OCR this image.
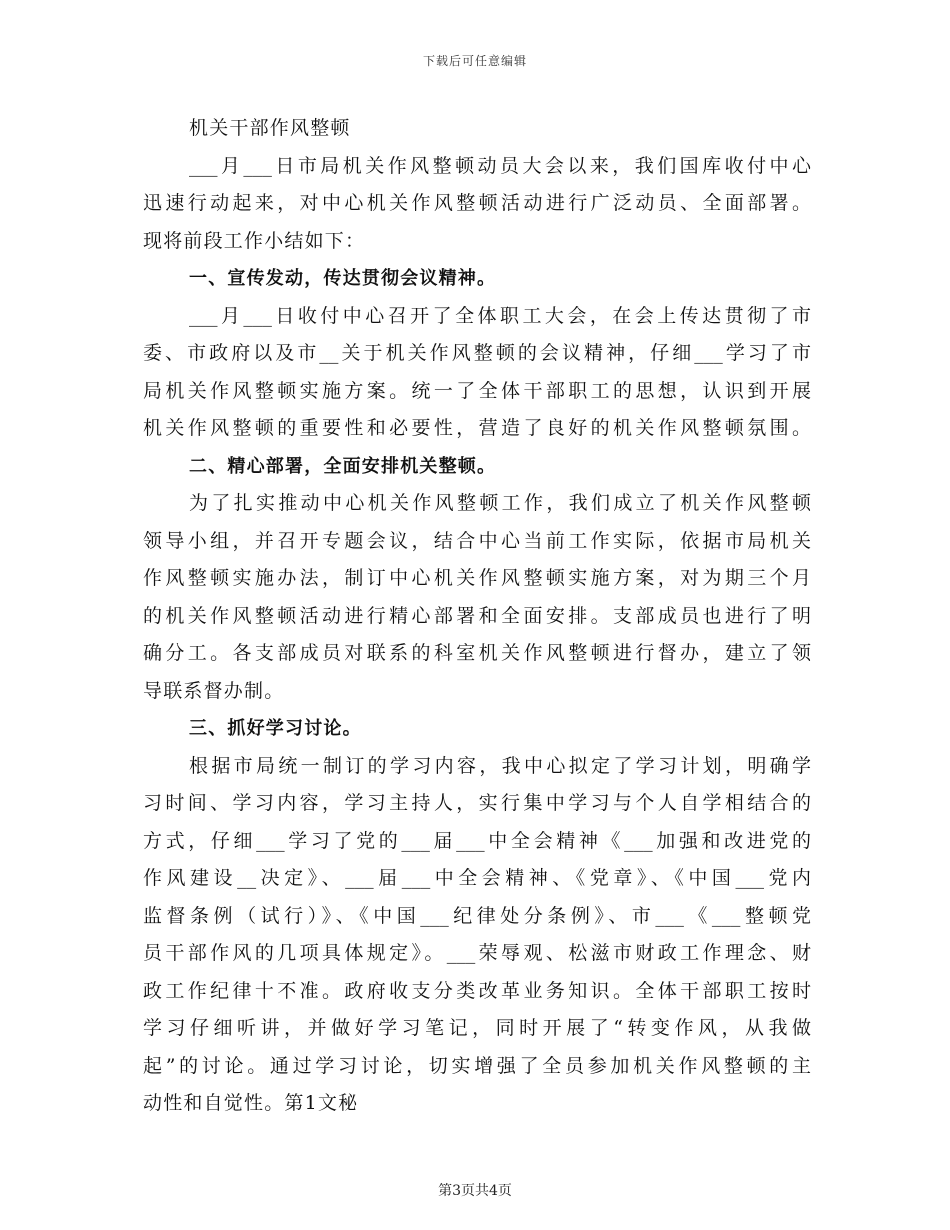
下载后可任意编辑
机关干部作风整顿
___月___日市局机关作风整顿动员大会以来，我们国库收付中心
迅速行动起来，对中心机关作风整顿活动进行广泛动员、全面部署。
现将前段工作小结如下：
一、宣传发动，传达贯彻会议精神。
___月___日收付中心召开了全体职工大会，在会上传达贯彻了市
委、市政府以及市__关于机关作风整顿的会议精神，仔细___学习了市
局机关作风整顿实施方案。统一了全体干部职工的思想，认识到开展
机关作风整顿的重要性和必要性，营造了良好的机关作风整顿氛围。
二、精心部署，全面安排机关整顿。
为了扎实推动中心机关作风整顿工作，我们成立了机关作风整顿
领导小组，并召开专题会议，结合中心当前工作实际，依据市局机关
作风整顿实施办法，制订中心机关作风整顿实施方案，对为期三个月
的机关作风整顿活动进行精心部署和全面安排。支部成员也进行了明
确分工。各支部成员对联系的科室机关作风整顿进行督办，建立了领
导联系督办制。
三、抓好学习讨论。
根据市局统一制订的学习内容，我中心拟定了学习计划，明确学
习时间、学习内容，学习主持人，实行集中学习与个人自学相结合的
方式，仔细___学习了党的___届___中全会精神《___加强和改进党的
作风建设__决定》、___届___中全会精神、《党章》、《中国___党内
监督条例（试行）》、《中国___纪律处分条例》、市___《___整顿党
员干部作风的几项具体规定》。___荣辱观、松滋市财政工作理念、财
政工作纪律十不准。政府收支分类改革业务知识。全体干部职工按时
学习仔细听讲，并做好学习笔记，同时开展了“转变作风，从我做
起”的讨论。通过学习讨论，切实增强了全员参加机关作风整顿的主
动性和自觉性。第1文秘
第3页共4页
